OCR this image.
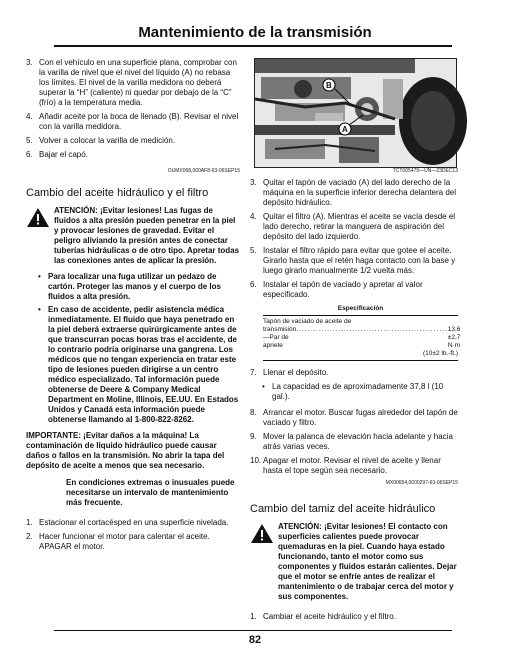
Mantenimiento de la transmisión
3. Con el vehículo en una superficie plana, comprobar con la varilla de nivel que el nivel del líquido (A) no rebasa los límites. El nivel de la varilla medidora no deberá superar la “H” (caliente) ni quedar por debajo de la “C” (frío) a la temperatura media.
4. Añadir aceite por la boca de llenado (B). Revisar el nivel con la varilla medidora.
5. Volver a colocar la varilla de medición.
6. Bajar el capó.
OUMX068,000AF8-63-06SEP15
Cambio del aceite hidráulico y el filtro
ATENCIÓN: ¡Evitar lesiones! Las fugas de fluidos a alta presión pueden penetrar en la piel y provocar lesiones de gravedad. Evitar el peligro aliviando la presión antes de conectar tuberías hidráulicas o de otro tipo. Apretar todas las conexiones antes de aplicar la presión.
• Para localizar una fuga utilizar un pedazo de cartón. Proteger las manos y el cuerpo de los fluidos a alta presión.
• En caso de accidente, pedir asistencia médica inmediatamente. El fluido que haya penetrado en la piel deberá extraerse quirúrgicamente antes de que transcurran pocas horas tras el accidente, de lo contrario podría originarse una gangrena. Los médicos que no tengan experiencia en tratar este tipo de lesiones pueden dirigirse a un centro médico especializado. Tal información puede obtenerse de Deere & Company Medical Department en Moline, Illinois, EE.UU. En Estados Unidos y Canadá esta información puede obtenerse llamando al 1-800-822-8262.
IMPORTANTE: ¡Evitar daños a la máquina! La contaminación de líquido hidráulico puede causar daños o fallos en la transmisión. No abrir la tapa del depósito de aceite a menos que sea necesario.
En condiciones extremas o inusuales puede necesitarse un intervalo de mantenimiento más frecuente.
1. Estacionar el cortacésped en una superficie nivelada.
2. Hacer funcionar el motor para calentar el aceite. APAGAR el motor.
B
A
TCT005479—UN—23DEC13
3. Quitar el tapón de vaciado (A) del lado derecho de la máquina en la superficie inferior derecha delantera del depósito hidráulico.
4. Quitar el filtro (A). Mientras el aceite se vacía desde el lado derecho, retirar la manguera de aspiración del depósito del lado izquierdo.
5. Instalar el filtro rápido para evitar que gotee el aceite. Girarlo hasta que el retén haga contacto con la base y luego girarlo manualmente 1/2 vuelta más.
6. Instalar el tapón de vaciado y apretar al valor especificado.
Especificación
Tapón de vaciado de aceite de
transmisión—Par de apriete
...................................................... 13,6 ±2,7 N·m
(10±2 lb.-ft.)
7. Llenar el depósito.
• La capacidad es de aproximadamente 37,8 l (10 gal.).
8. Arrancar el motor. Buscar fugas alrededor del tapón de vaciado y filtro.
9. Mover la palanca de elevación hacia adelante y hacia atrás varias veces.
10. Apagar el motor. Revisar el nivel de aceite y llenar hasta el tope según sea necesario.
MX00654,0000297-63-06SEP15
Cambio del tamiz del aceite hidráulico
ATENCIÓN: ¡Evitar lesiones! El contacto con superficies calientes puede provocar quemaduras en la piel. Cuando haya estado funcionando, tanto el motor como sus componentes y fluidos estarán calientes. Dejar que el motor se enfríe antes de realizar el mantenimiento o de trabajar cerca del motor y sus componentes.
1. Cambiar el aceite hidráulico y el filtro.
82
